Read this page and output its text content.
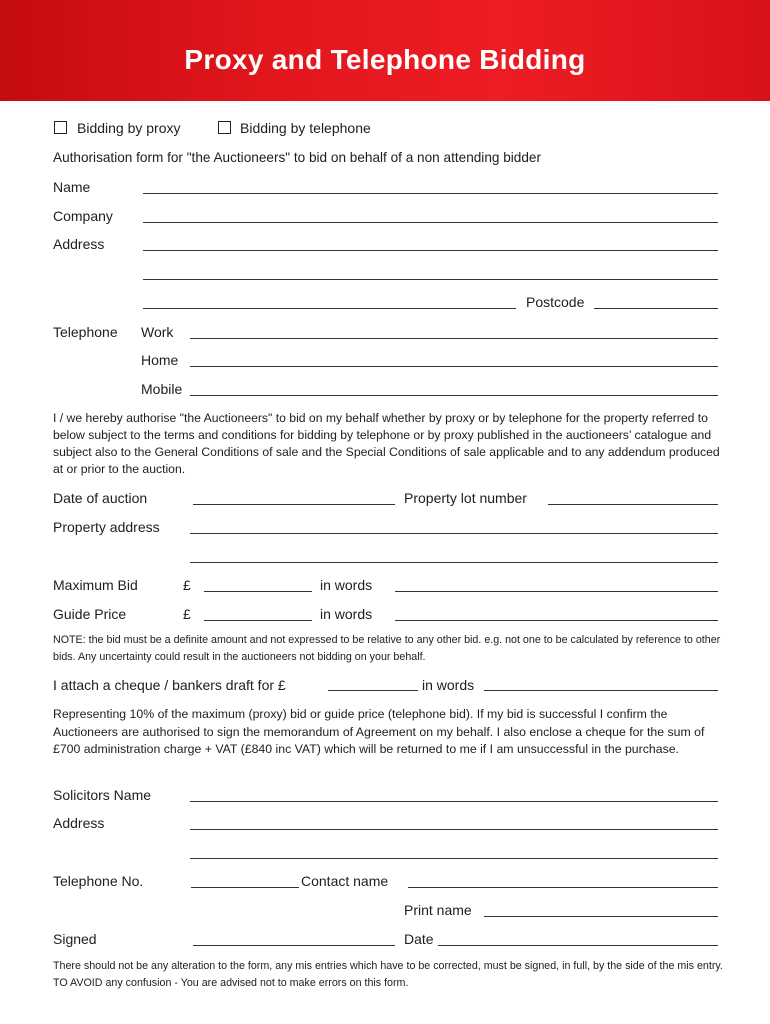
Proxy and Telephone Bidding
Bidding by proxy	Bidding by telephone
Authorisation form for "the Auctioneers" to bid on behalf of a non attending bidder
Name
Company
Address
Postcode
Telephone Work
Home
Mobile
I / we hereby authorise "the Auctioneers" to bid on my behalf whether by proxy or by telephone for the property referred to below subject to the terms and conditions for bidding by telephone or by proxy published in the auctioneers’ catalogue and subject also to the General Conditions of sale and the Special Conditions of sale applicable and to any addendum produced at or prior to the auction.
Date of auction	Property lot number
Property address
Maximum Bid	£	in words
Guide Price	£	in words
NOTE: the bid must be a definite amount and not expressed to be relative to any other bid. e.g. not one to be calculated by reference to other bids. Any uncertainty could result in the auctioneers not bidding on your behalf.
I attach a cheque / bankers draft for £	in words
Representing 10% of the maximum (proxy) bid or guide price (telephone bid). If my bid is successful I confirm the Auctioneers are authorised to sign the memorandum of Agreement on my behalf. I also enclose a cheque for the sum of £700 administration charge + VAT (£840 inc VAT) which will be returned to me if I am unsuccessful in the purchase.
Solicitors Name
Address
Telephone No.	Contact name
Print name
Signed	Date
There should not be any alteration to the form, any mis entries which have to be corrected, must be signed, in full, by the side of the mis entry. TO AVOID any confusion - You are advised not to make errors on this form.
